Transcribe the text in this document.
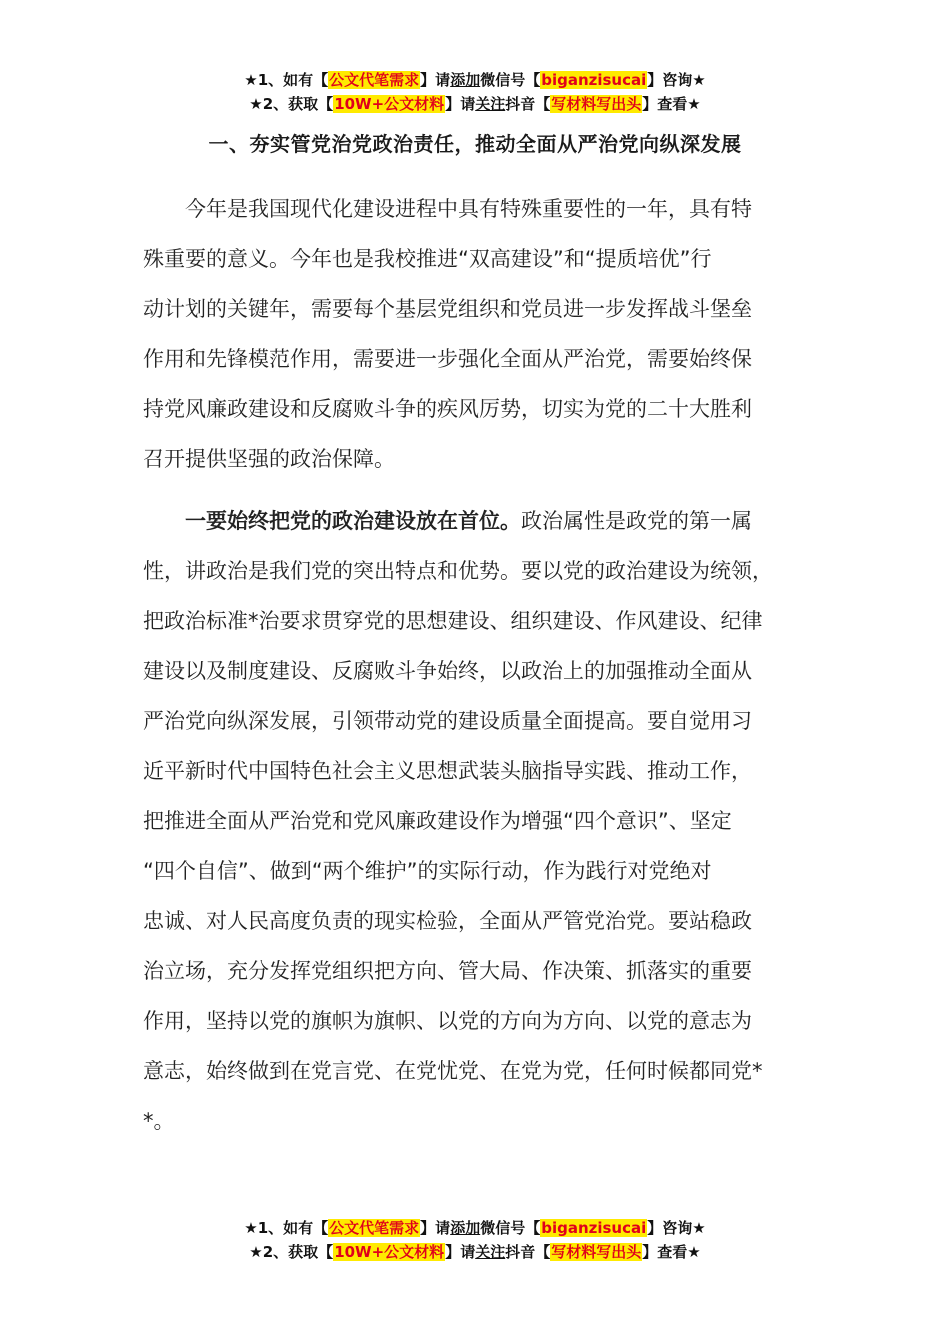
★1、如有【公文代笔需求】请添加微信号【biganzisucai】咨询★
★2、获取【10W+公文材料】请关注抖音【写材料写出头】查看★
一、夯实管党治党政治责任，推动全面从严治党向纵深发展
今年是我国现代化建设进程中具有特殊重要性的一年，具有特
殊重要的意义。今年也是我校推进“双高建设”和“提质培优”行
动计划的关键年，需要每个基层党组织和党员进一步发挥战斗堡垒
作用和先锋模范作用，需要进一步强化全面从严治党，需要始终保
持党风廉政建设和反腐败斗争的疾风厉势，切实为党的二十大胜利
召开提供坚强的政治保障。
一要始终把党的政治建设放在首位。政治属性是政党的第一属
性，讲政治是我们党的突出特点和优势。要以党的政治建设为统领，
把政治标准*治要求贯穿党的思想建设、组织建设、作风建设、纪律
建设以及制度建设、反腐败斗争始终，以政治上的加强推动全面从
严治党向纵深发展，引领带动党的建设质量全面提高。要自觉用习
近平新时代中国特色社会主义思想武装头脑指导实践、推动工作，
把推进全面从严治党和党风廉政建设作为增强“四个意识”、坚定
“四个自信”、做到“两个维护”的实际行动，作为践行对党绝对
忠诚、对人民高度负责的现实检验，全面从严管党治党。要站稳政
治立场，充分发挥党组织把方向、管大局、作决策、抓落实的重要
作用，坚持以党的旗帜为旗帜、以党的方向为方向、以党的意志为
意志，始终做到在党言党、在党忧党、在党为党，任何时候都同党*
*。
★1、如有【公文代笔需求】请添加微信号【biganzisucai】咨询★
★2、获取【10W+公文材料】请关注抖音【写材料写出头】查看★
